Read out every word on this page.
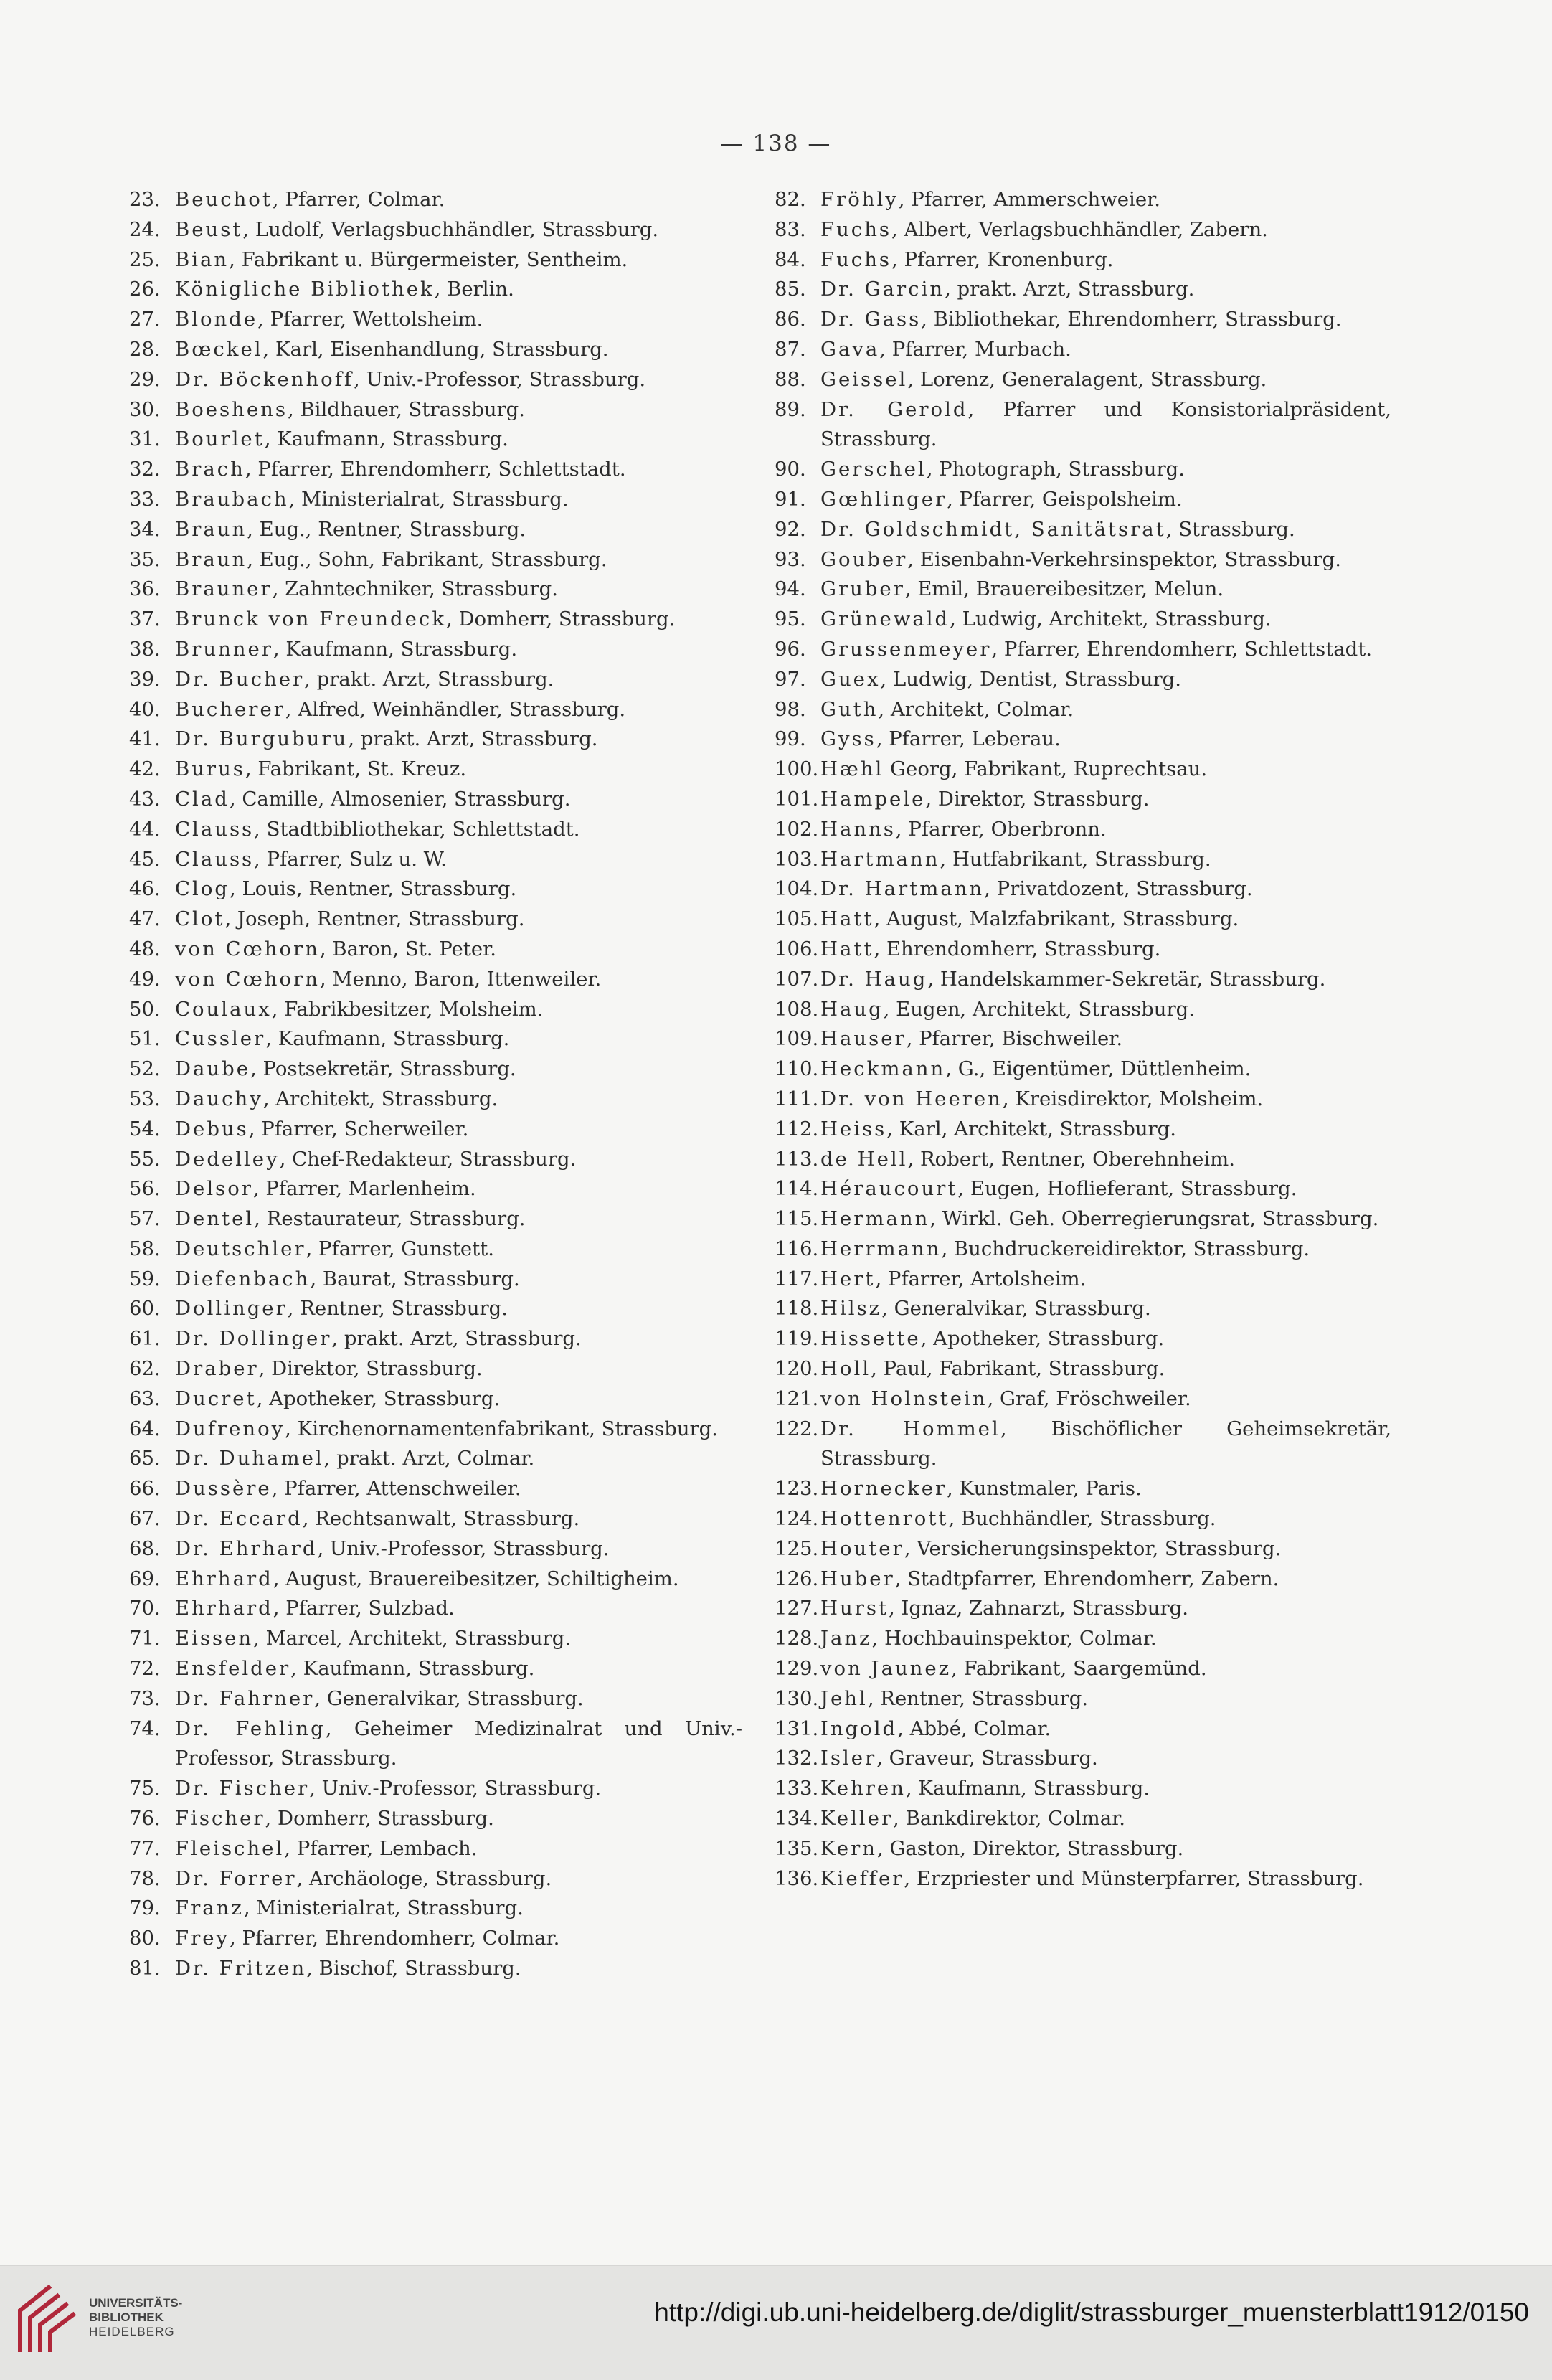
— 138 —
23. Beuchot, Pfarrer, Colmar.
24. Beust, Ludolf, Verlagsbuchhändler, Strassburg.
25. Bian, Fabrikant u. Bürgermeister, Sentheim.
26. Königliche Bibliothek, Berlin.
27. Blonde, Pfarrer, Wettolsheim.
28. Bœckel, Karl, Eisenhandlung, Strassburg.
29. Dr. Böckenhoff, Univ.-Professor, Strassburg.
30. Boeshens, Bildhauer, Strassburg.
31. Bourlet, Kaufmann, Strassburg.
32. Brach, Pfarrer, Ehrendomherr, Schlettstadt.
33. Braubach, Ministerialrat, Strassburg.
34. Braun, Eug., Rentner, Strassburg.
35. Braun, Eug., Sohn, Fabrikant, Strassburg.
36. Brauner, Zahntechniker, Strassburg.
37. Brunck von Freundeck, Domherr, Strassburg.
38. Brunner, Kaufmann, Strassburg.
39. Dr. Bucher, prakt. Arzt, Strassburg.
40. Bucherer, Alfred, Weinhändler, Strassburg.
41. Dr. Burguburu, prakt. Arzt, Strassburg.
42. Burus, Fabrikant, St. Kreuz.
43. Clad, Camille, Almosenier, Strassburg.
44. Clauss, Stadtbibliothekar, Schlettstadt.
45. Clauss, Pfarrer, Sulz u. W.
46. Clog, Louis, Rentner, Strassburg.
47. Clot, Joseph, Rentner, Strassburg.
48. von Cœhorn, Baron, St. Peter.
49. von Cœhorn, Menno, Baron, Ittenweiler.
50. Coulaux, Fabrikbesitzer, Molsheim.
51. Cussler, Kaufmann, Strassburg.
52. Daube, Postsekretär, Strassburg.
53. Dauchy, Architekt, Strassburg.
54. Debus, Pfarrer, Scherweiler.
55. Dedelley, Chef-Redakteur, Strassburg.
56. Delsor, Pfarrer, Marlenheim.
57. Dentel, Restaurateur, Strassburg.
58. Deutschler, Pfarrer, Gunstett.
59. Diefenbach, Baurat, Strassburg.
60. Dollinger, Rentner, Strassburg.
61. Dr. Dollinger, prakt. Arzt, Strassburg.
62. Draber, Direktor, Strassburg.
63. Ducret, Apotheker, Strassburg.
64. Dufrenoy, Kirchenornamentenfabrikant, Strassburg.
65. Dr. Duhamel, prakt. Arzt, Colmar.
66. Dussère, Pfarrer, Attenschweiler.
67. Dr. Eccard, Rechtsanwalt, Strassburg.
68. Dr. Ehrhard, Univ.-Professor, Strassburg.
69. Ehrhard, August, Brauereibesitzer, Schiltigheim.
70. Ehrhard, Pfarrer, Sulzbad.
71. Eissen, Marcel, Architekt, Strassburg.
72. Ensfelder, Kaufmann, Strassburg.
73. Dr. Fahrner, Generalvikar, Strassburg.
74. Dr. Fehling, Geheimer Medizinalrat und Univ.-Professor, Strassburg.
75. Dr. Fischer, Univ.-Professor, Strassburg.
76. Fischer, Domherr, Strassburg.
77. Fleischel, Pfarrer, Lembach.
78. Dr. Forrer, Archäologe, Strassburg.
79. Franz, Ministerialrat, Strassburg.
80. Frey, Pfarrer, Ehrendomherr, Colmar.
81. Dr. Fritzen, Bischof, Strassburg.
82. Fröhly, Pfarrer, Ammerschweier.
83. Fuchs, Albert, Verlagsbuchhändler, Zabern.
84. Fuchs, Pfarrer, Kronenburg.
85. Dr. Garcin, prakt. Arzt, Strassburg.
86. Dr. Gass, Bibliothekar, Ehrendomherr, Strassburg.
87. Gava, Pfarrer, Murbach.
88. Geissel, Lorenz, Generalagent, Strassburg.
89. Dr. Gerold, Pfarrer und Konsistorialpräsident, Strassburg.
90. Gerschel, Photograph, Strassburg.
91. Gœhlinger, Pfarrer, Geispolsheim.
92. Dr. Goldschmidt, Sanitätsrat, Strassburg.
93. Gouber, Eisenbahn-Verkehrsinspektor, Strassburg.
94. Gruber, Emil, Brauereibesitzer, Melun.
95. Grünewald, Ludwig, Architekt, Strassburg.
96. Grussenmeyer, Pfarrer, Ehrendomherr, Schlettstadt.
97. Guex, Ludwig, Dentist, Strassburg.
98. Guth, Architekt, Colmar.
99. Gyss, Pfarrer, Leberau.
100. Hæhl Georg, Fabrikant, Ruprechtsau.
101. Hampele, Direktor, Strassburg.
102. Hanns, Pfarrer, Oberbronn.
103. Hartmann, Hutfabrikant, Strassburg.
104. Dr. Hartmann, Privatdozent, Strassburg.
105. Hatt, August, Malzfabrikant, Strassburg.
106. Hatt, Ehrendomherr, Strassburg.
107. Dr. Haug, Handelskammer-Sekretär, Strassburg.
108. Haug, Eugen, Architekt, Strassburg.
109. Hauser, Pfarrer, Bischweiler.
110. Heckmann, G., Eigentümer, Düttlenheim.
111. Dr. von Heeren, Kreisdirektor, Molsheim.
112. Heiss, Karl, Architekt, Strassburg.
113. de Hell, Robert, Rentner, Oberehnheim.
114. Héraucourt, Eugen, Hoflieferant, Strassburg.
115. Hermann, Wirkl. Geh. Oberregierungsrat, Strassburg.
116. Herrmann, Buchdruckereidirektor, Strassburg.
117. Hert, Pfarrer, Artolsheim.
118. Hilsz, Generalvikar, Strassburg.
119. Hissette, Apotheker, Strassburg.
120. Holl, Paul, Fabrikant, Strassburg.
121. von Holnstein, Graf, Fröschweiler.
122. Dr. Hommel, Bischöflicher Geheimsekretär, Strassburg.
123. Hornecker, Kunstmaler, Paris.
124. Hottenrott, Buchhändler, Strassburg.
125. Houter, Versicherungsinspektor, Strassburg.
126. Huber, Stadtpfarrer, Ehrendomherr, Zabern.
127. Hurst, Ignaz, Zahnarzt, Strassburg.
128. Janz, Hochbauinspektor, Colmar.
129. von Jaunez, Fabrikant, Saargemünd.
130. Jehl, Rentner, Strassburg.
131. Ingold, Abbé, Colmar.
132. Isler, Graveur, Strassburg.
133. Kehren, Kaufmann, Strassburg.
134. Keller, Bankdirektor, Colmar.
135. Kern, Gaston, Direktor, Strassburg.
136. Kieffer, Erzpriester und Münsterpfarrer, Strassburg.
UNIVERSITÄTS-
BIBLIOTHEK
HEIDELBERG
http://digi.ub.uni-heidelberg.de/diglit/strassburger_muensterblatt1912/0150
